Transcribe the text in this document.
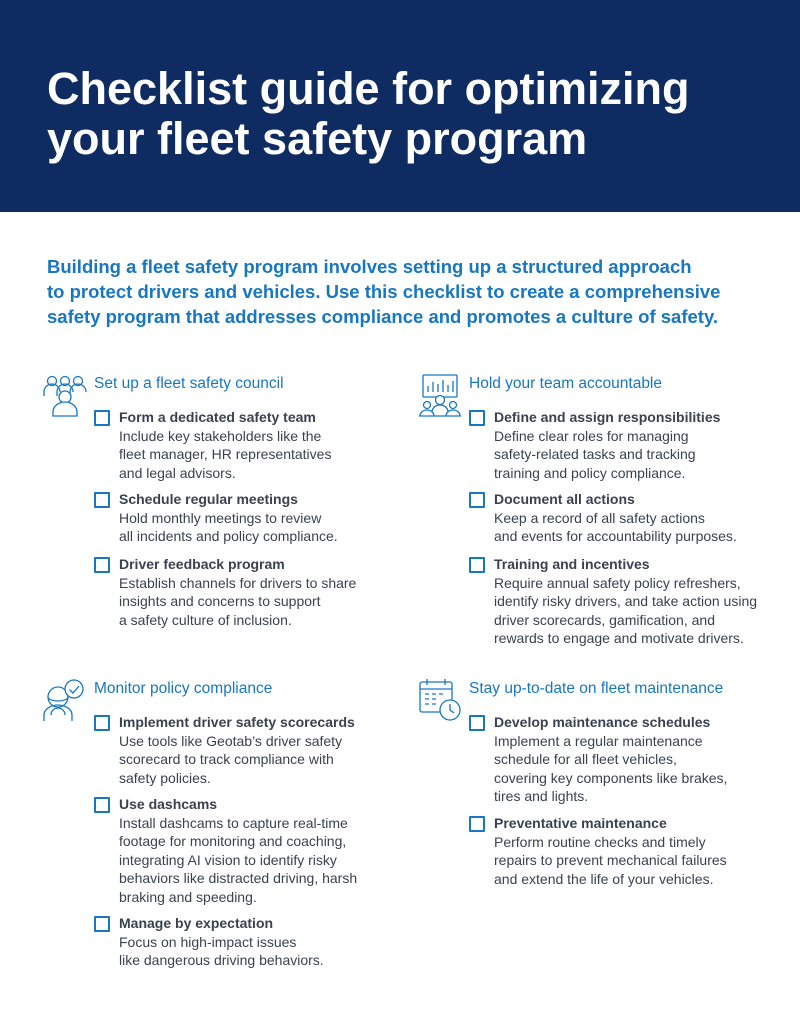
Checklist guide for optimizing
your fleet safety program

Building a fleet safety program involves setting up a structured approach
to protect drivers and vehicles. Use this checklist to create a comprehensive
safety program that addresses compliance and promotes a culture of safety.

Set up a fleet safety council
Form a dedicated safety team
Include key stakeholders like the
fleet manager, HR representatives
and legal advisors.
Schedule regular meetings
Hold monthly meetings to review
all incidents and policy compliance.
Driver feedback program
Establish channels for drivers to share
insights and concerns to support
a safety culture of inclusion.
Hold your team accountable
Define and assign responsibilities
Define clear roles for managing
safety-related tasks and tracking
training and policy compliance.
Document all actions
Keep a record of all safety actions
and events for accountability purposes.
Training and incentives
Require annual safety policy refreshers,
identify risky drivers, and take action using
driver scorecards, gamification, and
rewards to engage and motivate drivers.
Monitor policy compliance
Implement driver safety scorecards
Use tools like Geotab’s driver safety
scorecard to track compliance with
safety policies.
Use dashcams
Install dashcams to capture real-time
footage for monitoring and coaching,
integrating AI vision to identify risky
behaviors like distracted driving, harsh
braking and speeding.
Manage by expectation
Focus on high-impact issues
like dangerous driving behaviors.
Stay up-to-date on fleet maintenance
Develop maintenance schedules
Implement a regular maintenance
schedule for all fleet vehicles,
covering key components like brakes,
tires and lights.
Preventative maintenance
Perform routine checks and timely
repairs to prevent mechanical failures
and extend the life of your vehicles.
